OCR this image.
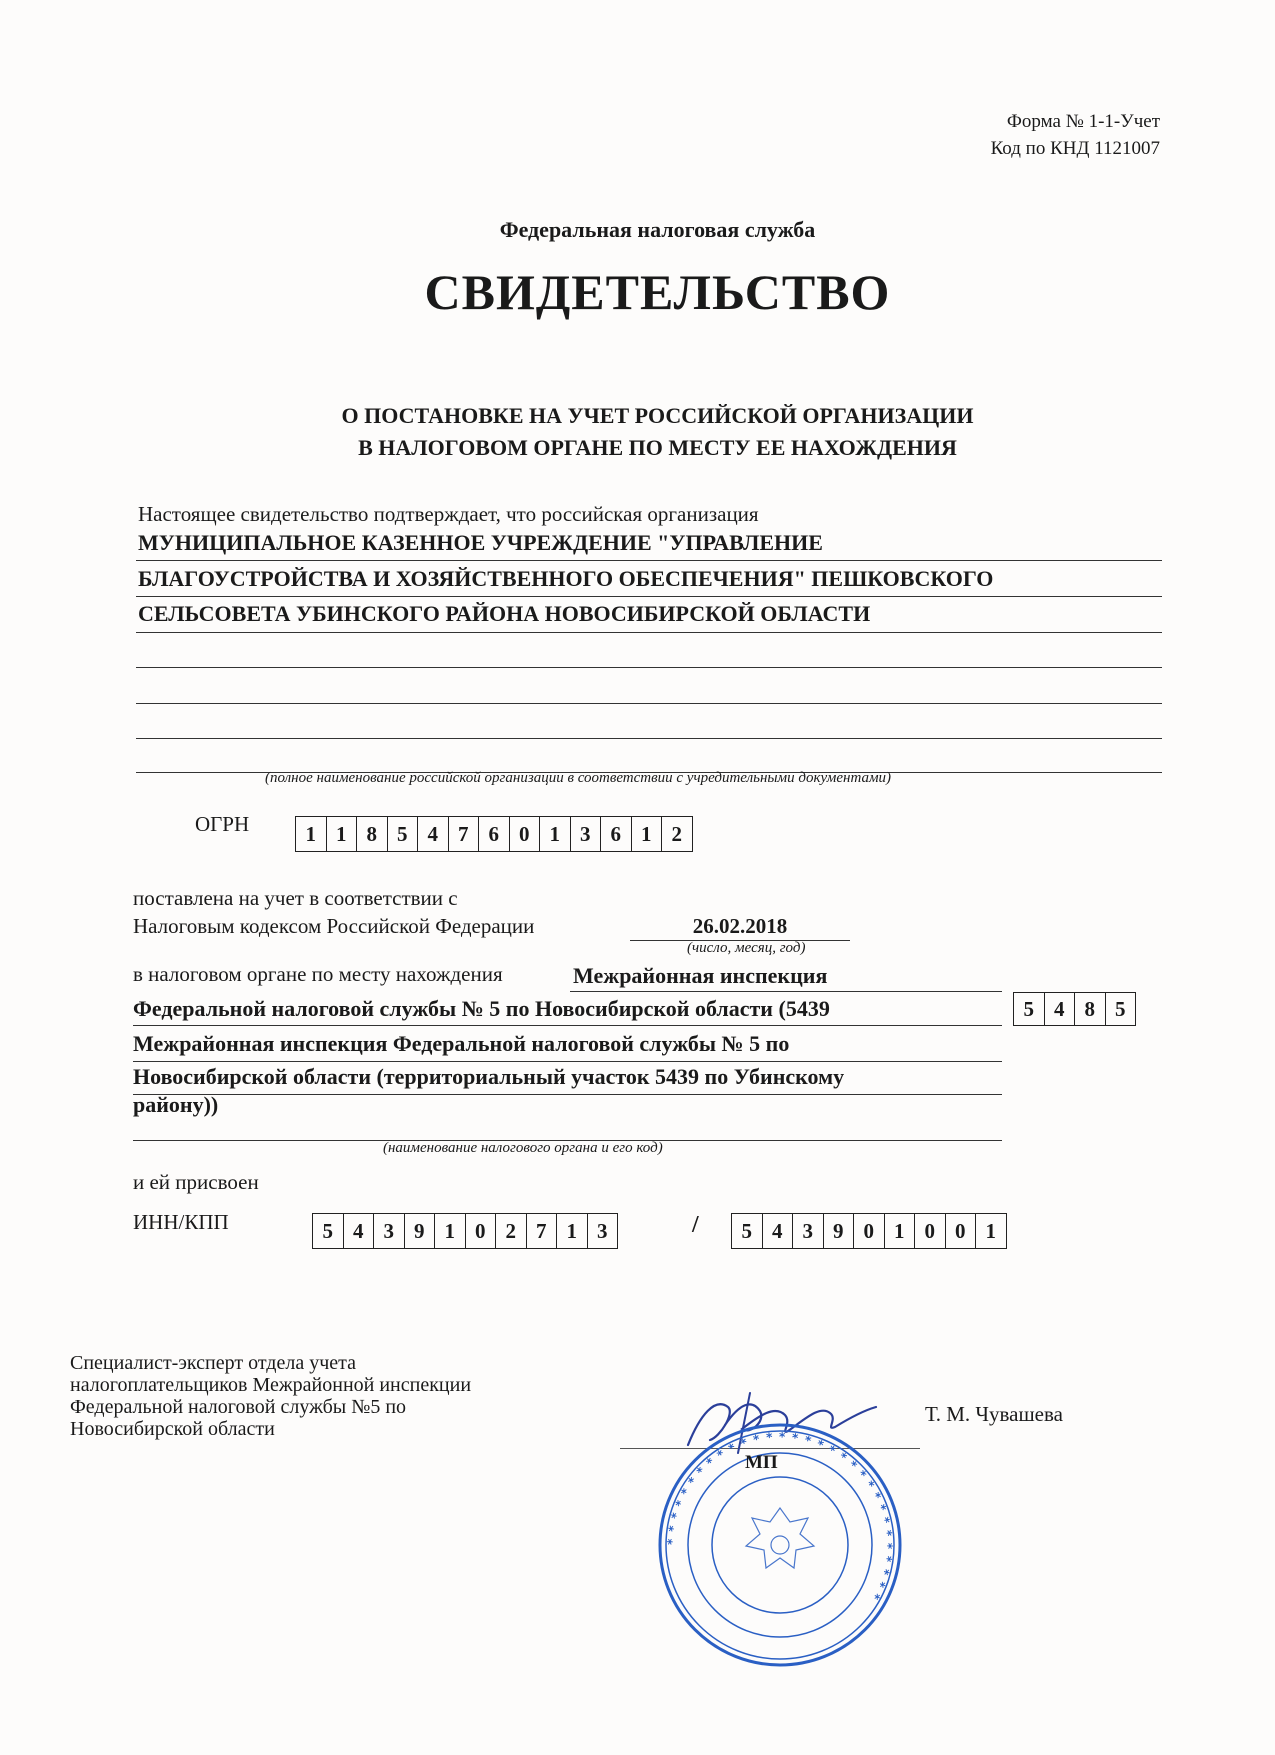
Форма № 1-1-Учет
Код по КНД 1121007
Федеральная налоговая служба
СВИДЕТЕЛЬСТВО
О ПОСТАНОВКЕ НА УЧЕТ РОССИЙСКОЙ ОРГАНИЗАЦИИ
В НАЛОГОВОМ ОРГАНЕ ПО МЕСТУ ЕЕ НАХОЖДЕНИЯ
Настоящее свидетельство подтверждает, что российская организация
МУНИЦИПАЛЬНОЕ КАЗЕННОЕ УЧРЕЖДЕНИЕ "УПРАВЛЕНИЕ
БЛАГОУСТРОЙСТВА И ХОЗЯЙСТВЕННОГО ОБЕСПЕЧЕНИЯ" ПЕШКОВСКОГО
СЕЛЬСОВЕТА УБИНСКОГО РАЙОНА НОВОСИБИРСКОЙ ОБЛАСТИ
(полное наименование российской организации в соответствии с учредительными документами)
ОГРН	1 1 8 5 4 7 6 0 1 3 6 1 2
поставлена на учет в соответствии с
Налоговым кодексом Российской Федерации	26.02.2018
(число, месяц, год)
в налоговом органе по месту нахождения	Межрайонная инспекция
Федеральной налоговой службы № 5 по Новосибирской области (5439	5 4 8 5
Межрайонная инспекция Федеральной налоговой службы № 5 по
Новосибирской области (территориальный участок 5439 по Убинскому
району))
(наименование налогового органа и его код)
и ей присвоен
ИНН/КПП	5 4 3 9 1 0 2 7 1 3	/	5 4 3 9 0 1 0 0 1
Специалист-эксперт отдела учета
налогоплательщиков Межрайонной инспекции
Федеральной налоговой службы №5 по
Новосибирской области
Т. М. Чувашева
* * * * * * * * * * * * * * * * * * * * * * * * * * * * * * *
МП
